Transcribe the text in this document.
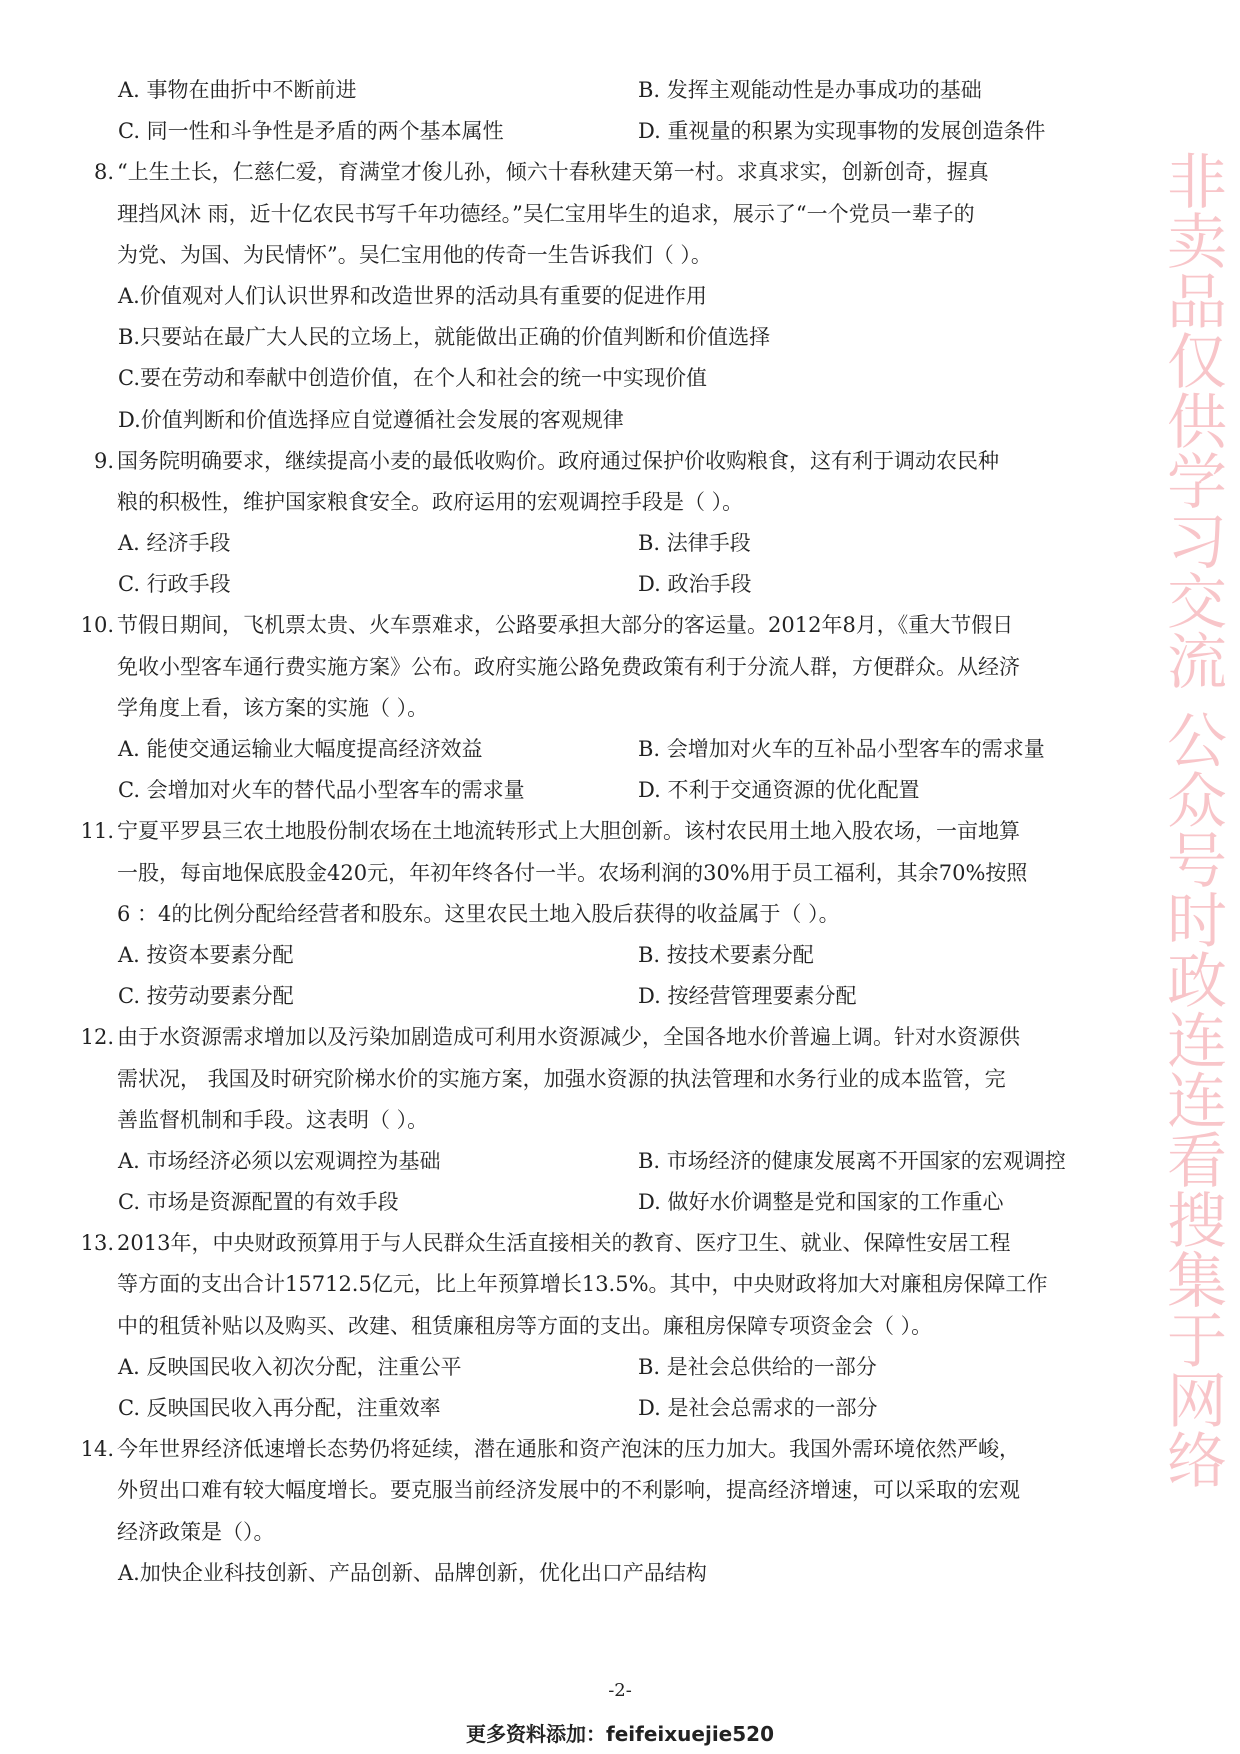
A. 事物在曲折中不断前进	B. 发挥主观能动性是办事成功的基础
C. 同一性和斗争性是矛盾的两个基本属性	D. 重视量的积累为实现事物的发展创造条件
8. “上生土长，仁慈仁爱，育满堂才俊儿孙，倾六十春秋建天第一村。求真求实，创新创奇，握真
理挡风沐 雨，近十亿农民书写千年功德经。”吴仁宝用毕生的追求，展示了“一个党员一辈子的
为党、为国、为民情怀”。吴仁宝用他的传奇一生告诉我们（ ）。
A.价值观对人们认识世界和改造世界的活动具有重要的促进作用
B.只要站在最广大人民的立场上，就能做出正确的价值判断和价值选择
C.要在劳动和奉献中创造价值，在个人和社会的统一中实现价值
D.价值判断和价值选择应自觉遵循社会发展的客观规律
9. 国务院明确要求，继续提高小麦的最低收购价。政府通过保护价收购粮食，这有利于调动农民种
粮的积极性，维护国家粮食安全。政府运用的宏观调控手段是（ ）。
A. 经济手段	B. 法律手段
C. 行政手段	D. 政治手段
10. 节假日期间，飞机票太贵、火车票难求，公路要承担大部分的客运量。2012年8月，《重大节假日
免收小型客车通行费实施方案》公布。政府实施公路免费政策有利于分流人群，方便群众。从经济
学角度上看，该方案的实施（ ）。
A. 能使交通运输业大幅度提高经济效益	B. 会增加对火车的互补品小型客车的需求量
C. 会增加对火车的替代品小型客车的需求量	D. 不利于交通资源的优化配置
11. 宁夏平罗县三农土地股份制农场在土地流转形式上大胆创新。该村农民用土地入股农场，一亩地算
一股，每亩地保底股金420元，年初年终各付一半。农场利润的30%用于员工福利，其余70%按照
6 ：4的比例分配给经营者和股东。这里农民土地入股后获得的收益属于（ ）。
A. 按资本要素分配	B. 按技术要素分配
C. 按劳动要素分配	D. 按经营管理要素分配
12. 由于水资源需求增加以及污染加剧造成可利用水资源减少，全国各地水价普遍上调。针对水资源供
需状况， 我国及时研究阶梯水价的实施方案，加强水资源的执法管理和水务行业的成本监管，完
善监督机制和手段。这表明（ ）。
A. 市场经济必须以宏观调控为基础	B. 市场经济的健康发展离不开国家的宏观调控
C. 市场是资源配置的有效手段	D. 做好水价调整是党和国家的工作重心
13. 2013年，中央财政预算用于与人民群众生活直接相关的教育、医疗卫生、就业、保障性安居工程
等方面的支出合计15712.5亿元，比上年预算增长13.5%。其中，中央财政将加大对廉租房保障工作
中的租赁补贴以及购买、改建、租赁廉租房等方面的支出。廉租房保障专项资金会（ ）。
A. 反映国民收入初次分配，注重公平	B. 是社会总供给的一部分
C. 反映国民收入再分配，注重效率	D. 是社会总需求的一部分
14. 今年世界经济低速增长态势仍将延续，潜在通胀和资产泡沫的压力加大。我国外需环境依然严峻，
外贸出口难有较大幅度增长。要克服当前经济发展中的不利影响，提高经济增速，可以采取的宏观
经济政策是（）。
A.加快企业科技创新、产品创新、品牌创新，优化出口产品结构
非卖品仅供学习交流 公众号时政连连看搜集于网络
-2-
更多资料添加：feifeixuejie520
